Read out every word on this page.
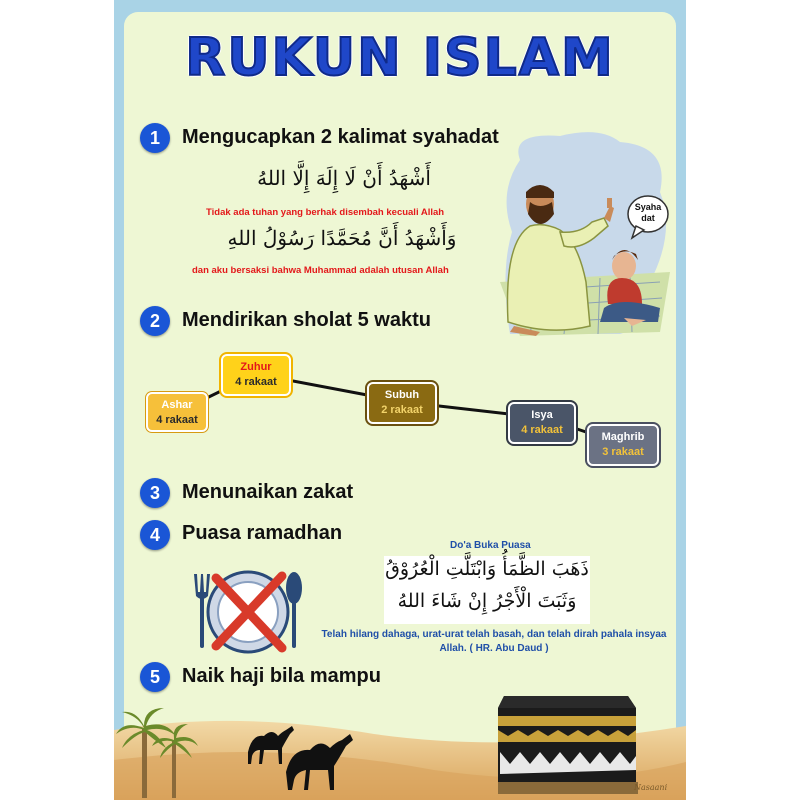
RUKUN ISLAM
1	Mengucapkan 2 kalimat syahadat
أَشْهَدُ أَنْ لَا إِلَهَ إِلَّا اللهُ
Tidak ada tuhan yang berhak disembah kecuali Allah
وَأَشْهَدُ أَنَّ مُحَمَّدًا رَسُوْلُ اللهِ
dan aku bersaksi bahwa Muhammad adalah utusan Allah
Syaha
dat
2	Mendirikan sholat 5 waktu
Ashar
4 rakaat
Zuhur
4 rakaat
Subuh
2 rakaat	Isya
4 rakaat
Maghrib
3 rakaat
3	Menunaikan zakat
4	Puasa ramadhan
Do'a Buka Puasa
ذَهَبَ الظَّمَأُ وَابْتَلَّتِ الْعُرُوْقُ
وَثَبَتَ الْأَجْرُ إِنْ شَاءَ اللهُ
Telah hilang dahaga, urat-urat telah basah, dan telah dirah pahala insyaa Allah. ( HR. Abu Daud )
5	Naik haji bila mampu
Nasaani
